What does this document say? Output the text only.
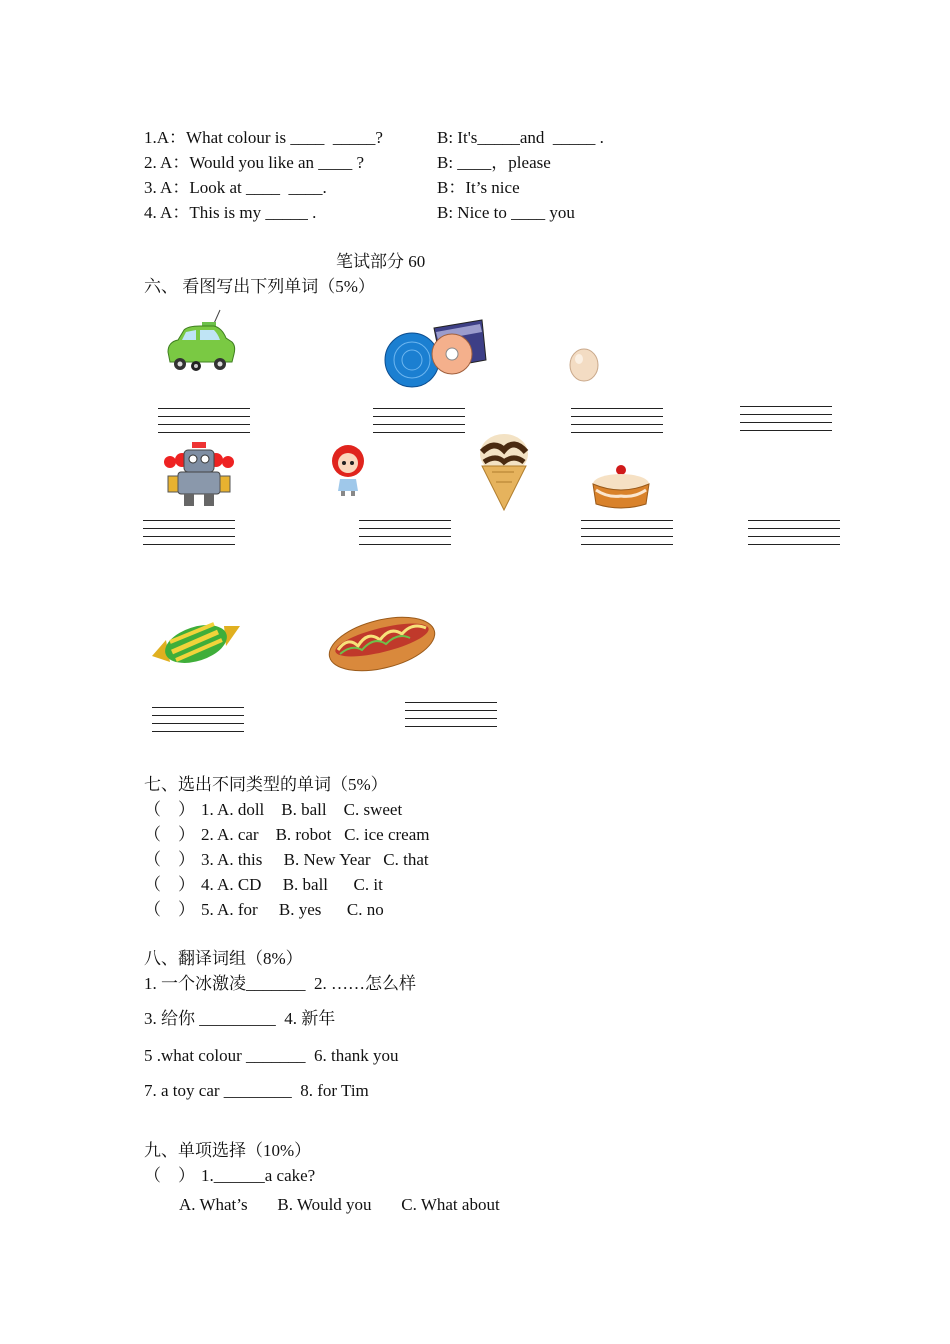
1.A：What colour is ____  _____?	B: It's_____and  _____ .
2. A：Would you like an ____ ?	B: ____，please
3. A：Look at ____  ____.	B：It’s nice
4. A：This is my _____ .	B: Nice to ____ you
笔试部分 60
六、 看图写出下列单词（5%）
七、选出不同类型的单词（5%）
（    ） 1. A. doll    B. ball    C. sweet
（    ） 2. A. car    B. robot   C. ice cream
（    ） 3. A. this     B. New Year   C. that
（    ） 4. A. CD     B. ball      C. it
（    ） 5. A. for     B. yes      C. no
八、翻译词组（8%）
1. 一个冰激凌_______  2. ……怎么样
3. 给你 _________  4. 新年
5 .what colour _______  6. thank you
7. a toy car ________  8. for Tim
九、单项选择（10%）
（    ） 1.______a cake?
A. What’s       B. Would you       C. What about
